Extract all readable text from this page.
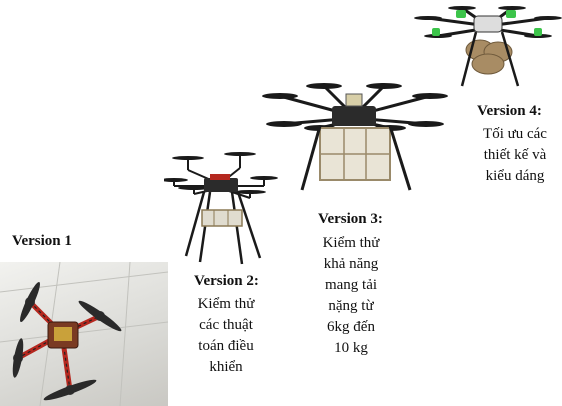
Version 1
Version 2:
Kiểm thử
các thuật
toán điều
khiển
Version 3:
Kiểm thử
khả năng
mang tải
nặng từ
6kg đến
10 kg
Version 4:
Tối ưu các
thiết kế và
kiểu dáng
